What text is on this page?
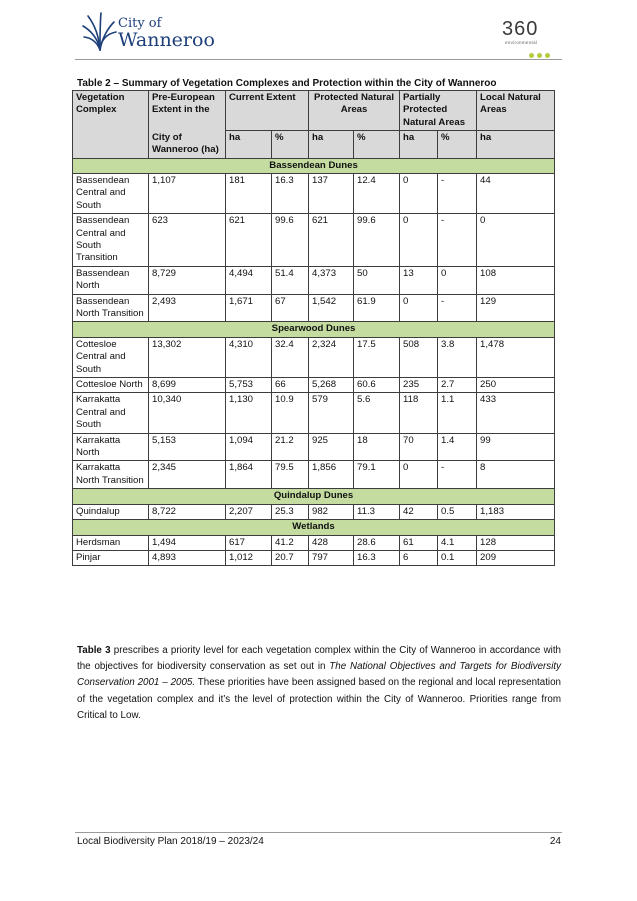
City of
Wanneroo	360
environmental
Table 2 – Summary of Vegetation Complexes and Protection within the City of Wanneroo
Vegetation Complex	Pre-European Extent in the	Current Extent		Protected Natural Areas		Partially Protected Natural Areas		Local Natural Areas
	City of Wanneroo (ha)	ha	%	ha	%	ha	%	ha
Bassendean Dunes								
Bassendean Central and South	1,107	181	16.3	137	12.4	0	-	44
Bassendean Central and South Transition	623	621	99.6	621	99.6	0	-	0
Bassendean North	8,729	4,494	51.4	4,373	50	13	0	108
Bassendean North Transition	2,493	1,671	67	1,542	61.9	0	-	129
Spearwood Dunes								
Cottesloe Central and South	13,302	4,310	32.4	2,324	17.5	508	3.8	1,478
Cottesloe North	8,699	5,753	66	5,268	60.6	235	2.7	250
Karrakatta Central and South	10,340	1,130	10.9	579	5.6	118	1.1	433
Karrakatta North	5,153	1,094	21.2	925	18	70	1.4	99
Karrakatta North Transition	2,345	1,864	79.5	1,856	79.1	0	-	8
Quindalup Dunes								
Quindalup	8,722	2,207	25.3	982	11.3	42	0.5	1,183
Wetlands								
Herdsman	1,494	617	41.2	428	28.6	61	4.1	128
Pinjar	4,893	1,012	20.7	797	16.3	6	0.1	209
Table 3 prescribes a priority level for each vegetation complex within the City of Wanneroo in accordance with the objectives for biodiversity conservation as set out in The National Objectives and Targets for Biodiversity Conservation 2001 – 2005. These priorities have been assigned based on the regional and local representation of the vegetation complex and it’s the level of protection within the City of Wanneroo. Priorities range from Critical to Low.
Local Biodiversity Plan 2018/19 – 2023/24	24
